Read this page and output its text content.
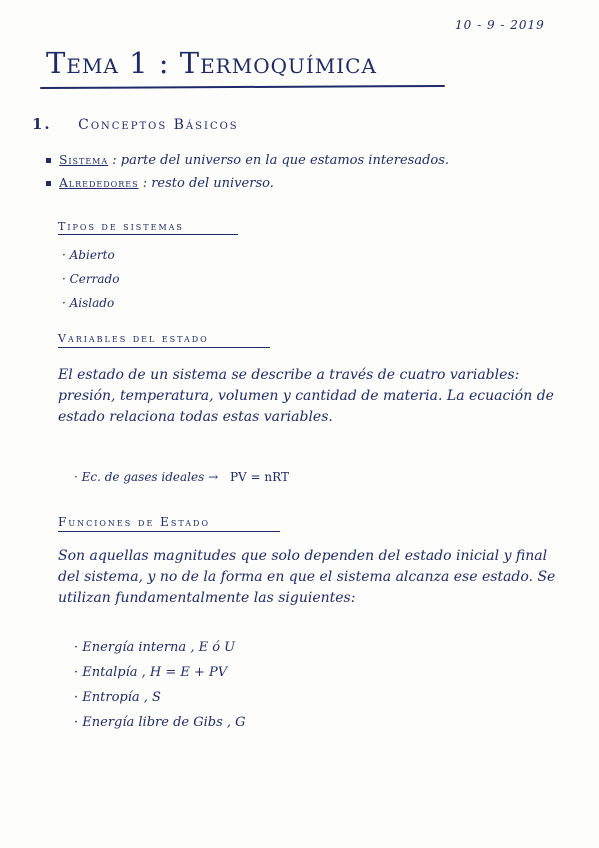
10 - 9 - 2019
Tema 1 : Termoquímica
1. Conceptos Básicos
Sistema : parte del universo en la que estamos interesados.
Alrededores : resto del universo.
Tipos de sistemas
· Abierto
· Cerrado
· Aislado
Variables del estado
El estado de un sistema se describe a través de cuatro variables: presión, temperatura, volumen y cantidad de materia. La ecuación de estado relaciona todas estas variables.
· Ec. de gases ideales → PV = nRT
Funciones de Estado
Son aquellas magnitudes que solo dependen del estado inicial y final del sistema, y no de la forma en que el sistema alcanza ese estado. Se utilizan fundamentalmente las siguientes:
· Energía interna , E ó U
· Entalpía , H = E + PV
· Entropía , S
· Energía libre de Gibs , G
